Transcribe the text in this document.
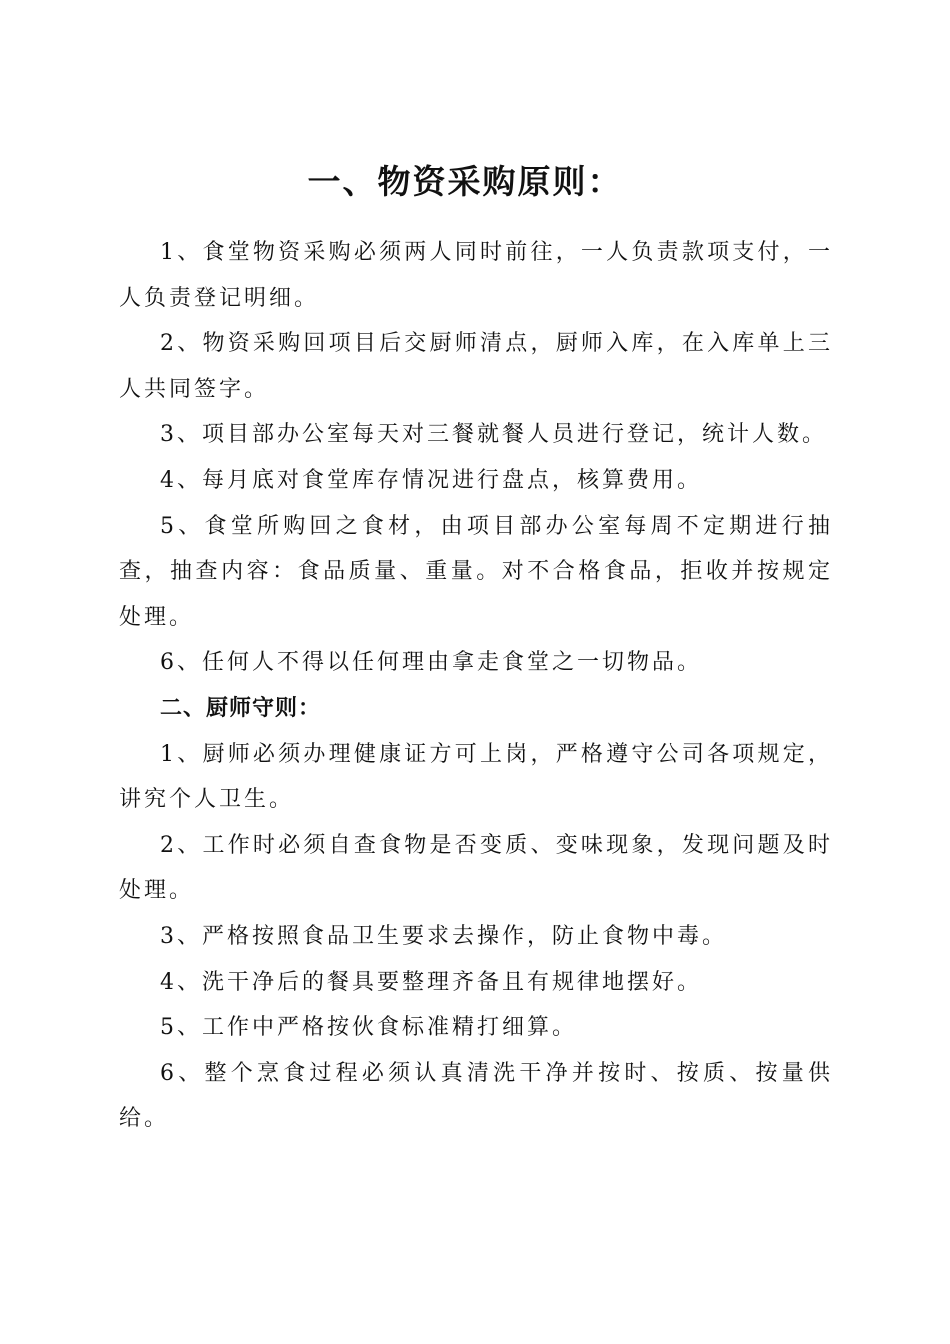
一、物资采购原则：

1、食堂物资采购必须两人同时前往，一人负责款项支付，一人负责登记明细。

2、物资采购回项目后交厨师清点，厨师入库，在入库单上三人共同签字。

3、项目部办公室每天对三餐就餐人员进行登记，统计人数。

4、每月底对食堂库存情况进行盘点，核算费用。

5、食堂所购回之食材，由项目部办公室每周不定期进行抽查，抽查内容：食品质量、重量。对不合格食品，拒收并按规定处理。

6、任何人不得以任何理由拿走食堂之一切物品。

二、厨师守则：

1、厨师必须办理健康证方可上岗，严格遵守公司各项规定，讲究个人卫生。

2、工作时必须自查食物是否变质、变味现象，发现问题及时处理。

3、严格按照食品卫生要求去操作，防止食物中毒。

4、洗干净后的餐具要整理齐备且有规律地摆好。

5、工作中严格按伙食标准精打细算。

6、整个烹食过程必须认真清洗干净并按时、按质、按量供给。
